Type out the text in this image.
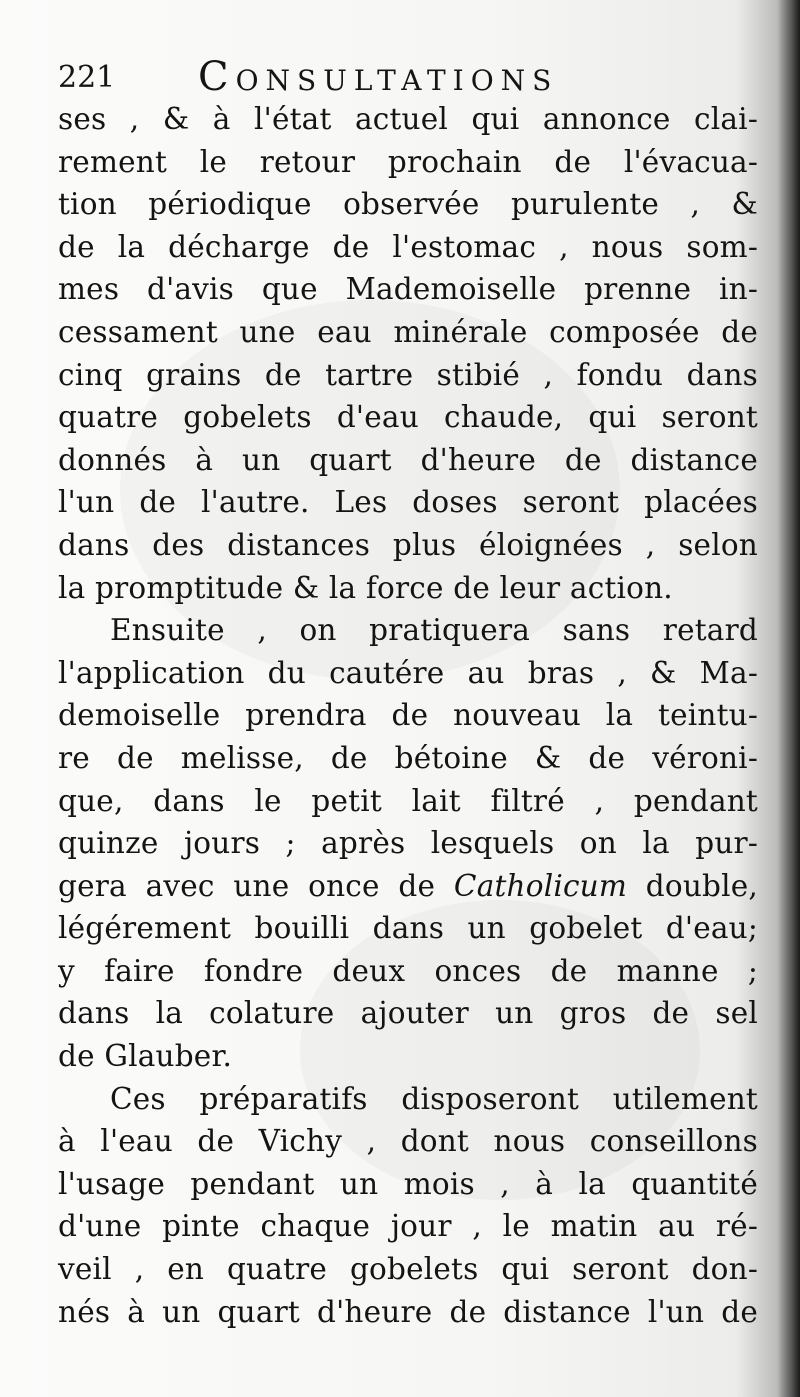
221 Consultations
ses , & à l'état actuel qui annonce clai-
rement le retour prochain de l'évacua-
tion périodique observée purulente , &
de la décharge de l'estomac , nous som-
mes d'avis que Mademoiselle prenne in-
cessament une eau minérale composée de
cinq grains de tartre stibié , fondu dans
quatre gobelets d'eau chaude, qui seront
donnés à un quart d'heure de distance
l'un de l'autre. Les doses seront placées
dans des distances plus éloignées , selon
la promptitude & la force de leur action.
Ensuite , on pratiquera sans retard
l'application du cautére au bras , & Ma-
demoiselle prendra de nouveau la teintu-
re de melisse, de bétoine & de véroni-
que, dans le petit lait filtré , pendant
quinze jours ; après lesquels on la pur-
gera avec une once de Catholicum double,
légérement bouilli dans un gobelet d'eau;
y faire fondre deux onces de manne ;
dans la colature ajouter un gros de sel
de Glauber.
Ces préparatifs disposeront utilement
à l'eau de Vichy , dont nous conseillons
l'usage pendant un mois , à la quantité
d'une pinte chaque jour , le matin au ré-
veil , en quatre gobelets qui seront don-
nés à un quart d'heure de distance l'un de
